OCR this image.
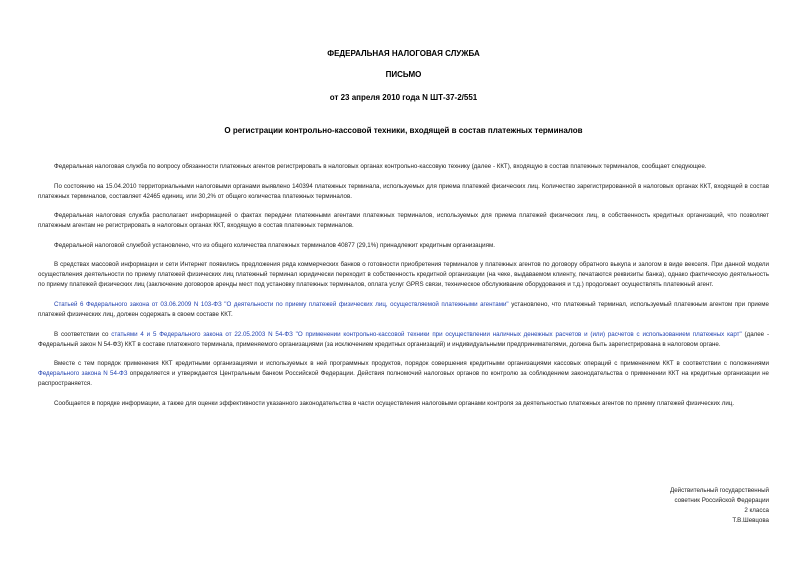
ФЕДЕРАЛЬНАЯ НАЛОГОВАЯ СЛУЖБА
ПИСЬМО
от 23 апреля 2010 года N ШТ-37-2/551
О регистрации контрольно-кассовой техники, входящей в состав платежных терминалов

Федеральная налоговая служба по вопросу обязанности платежных агентов регистрировать в налоговых органах контрольно-кассовую технику (далее - ККТ), входящую в состав платежных терминалов, сообщает следующее.

По состоянию на 15.04.2010 территориальными налоговыми органами выявлено 140394 платежных терминала, используемых для приема платежей физических лиц. Количество зарегистрированной в налоговых органах ККТ, входящей в состав платежных терминалов, составляет 42465 единиц, или 30,2% от общего количества платежных терминалов.

Федеральная налоговая служба располагает информацией о фактах передачи платежными агентами платежных терминалов, используемых для приема платежей физических лиц, в собственность кредитных организаций, что позволяет платежным агентам не регистрировать в налоговых органах ККТ, входящую в состав платежных терминалов.

Федеральной налоговой службой установлено, что из общего количества платежных терминалов 40877 (29,1%) принадлежит кредитным организациям.

В средствах массовой информации и сети Интернет появились предложения ряда коммерческих банков о готовности приобретения терминалов у платежных агентов по договору обратного выкупа и залогом в виде векселя. При данной модели осуществления деятельности по приему платежей физических лиц платежный терминал юридически переходит в собственность кредитной организации (на чеке, выдаваемом клиенту, печатаются реквизиты банка), однако фактическую деятельность по приему платежей физических лиц (заключение договоров аренды мест под установку платежных терминалов, оплата услуг GPRS связи, техническое обслуживание оборудования и т.д.) продолжает осуществлять платежный агент.

Статьей 6 Федерального закона от 03.06.2009 N 103-ФЗ "О деятельности по приему платежей физических лиц, осуществляемой платежными агентами" установлено, что платежный терминал, используемый платежным агентом при приеме платежей физических лиц, должен содержать в своем составе ККТ.

В соответствии со статьями 4 и 5 Федерального закона от 22.05.2003 N 54-ФЗ "О применении контрольно-кассовой техники при осуществлении наличных денежных расчетов и (или) расчетов с использованием платежных карт" (далее - Федеральный закон N 54-ФЗ) ККТ в составе платежного терминала, применяемого организациями (за исключением кредитных организаций) и индивидуальными предпринимателями, должна быть зарегистрирована в налоговом органе.

Вместе с тем порядок применения ККТ кредитными организациями и используемых в ней программных продуктов, порядок совершения кредитными организациями кассовых операций с применением ККТ в соответствии с положениями Федерального закона N 54-ФЗ определяется и утверждается Центральным банком Российской Федерации. Действия полномочий налоговых органов по контролю за соблюдением законодательства о применении ККТ на кредитные организации не распространяется.

Сообщается в порядке информации, а также для оценки эффективности указанного законодательства в части осуществления налоговыми органами контроля за деятельностью платежных агентов по приему платежей физических лиц.

Действительный государственный
советник Российской Федерации
2 класса
Т.В.Шевцова
